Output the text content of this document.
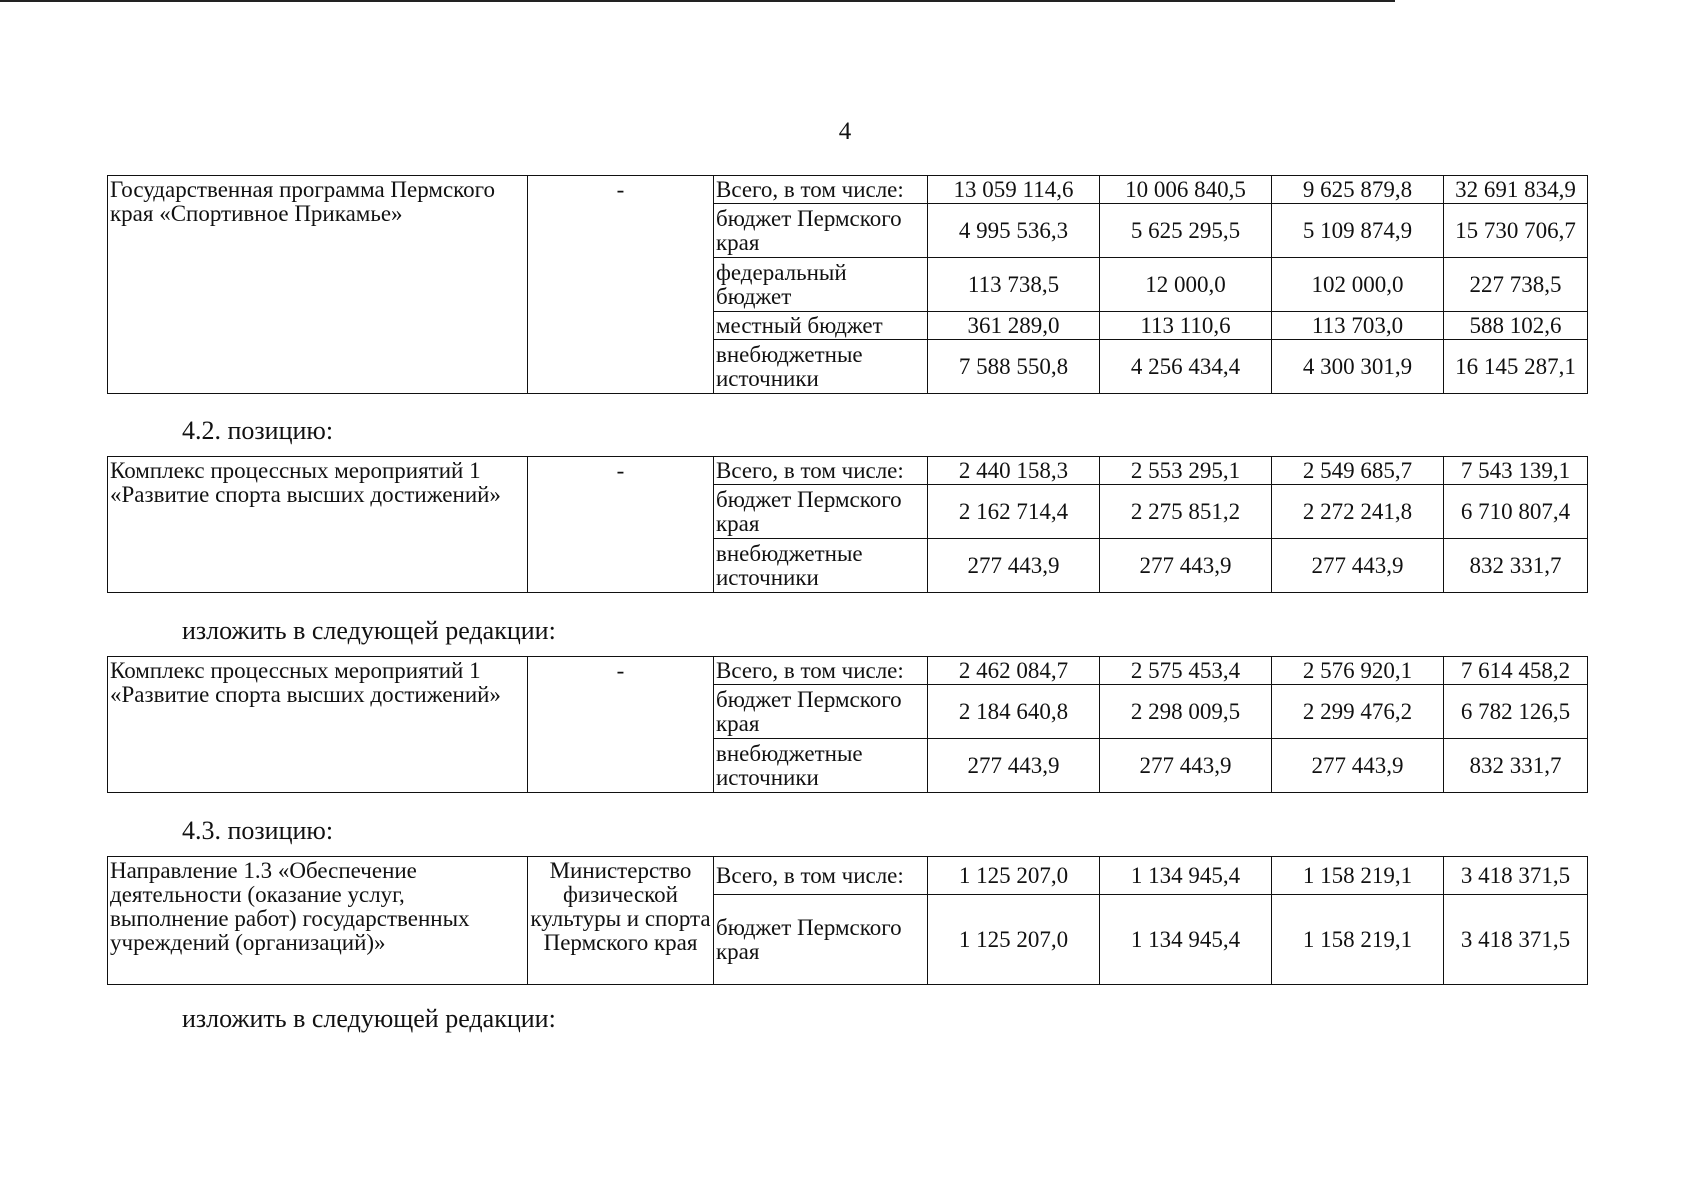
4
Государственная программа Пермского края «Спортивное Прикамье»	-	Всего, в том числе:	13 059 114,6	10 006 840,5	9 625 879,8	32 691 834,9
		бюджет Пермского края	4 995 536,3	5 625 295,5	5 109 874,9	15 730 706,7
		федеральный бюджет	113 738,5	12 000,0	102 000,0	227 738,5
		местный бюджет	361 289,0	113 110,6	113 703,0	588 102,6
		внебюджетные источники	7 588 550,8	4 256 434,4	4 300 301,9	16 145 287,1
4.2. позицию:
Комплекс процессных мероприятий 1 «Развитие спорта высших достижений»	-	Всего, в том числе:	2 440 158,3	2 553 295,1	2 549 685,7	7 543 139,1
		бюджет Пермского края	2 162 714,4	2 275 851,2	2 272 241,8	6 710 807,4
		внебюджетные источники	277 443,9	277 443,9	277 443,9	832 331,7
изложить в следующей редакции:
Комплекс процессных мероприятий 1 «Развитие спорта высших достижений»	-	Всего, в том числе:	2 462 084,7	2 575 453,4	2 576 920,1	7 614 458,2
		бюджет Пермского края	2 184 640,8	2 298 009,5	2 299 476,2	6 782 126,5
		внебюджетные источники	277 443,9	277 443,9	277 443,9	832 331,7
4.3. позицию:
Направление 1.3 «Обеспечение деятельности (оказание услуг, выполнение работ) государственных учреждений (организаций)»	Министерство физической культуры и спорта Пермского края	Всего, в том числе:	1 125 207,0	1 134 945,4	1 158 219,1	3 418 371,5
		бюджет Пермского края	1 125 207,0	1 134 945,4	1 158 219,1	3 418 371,5
изложить в следующей редакции:
